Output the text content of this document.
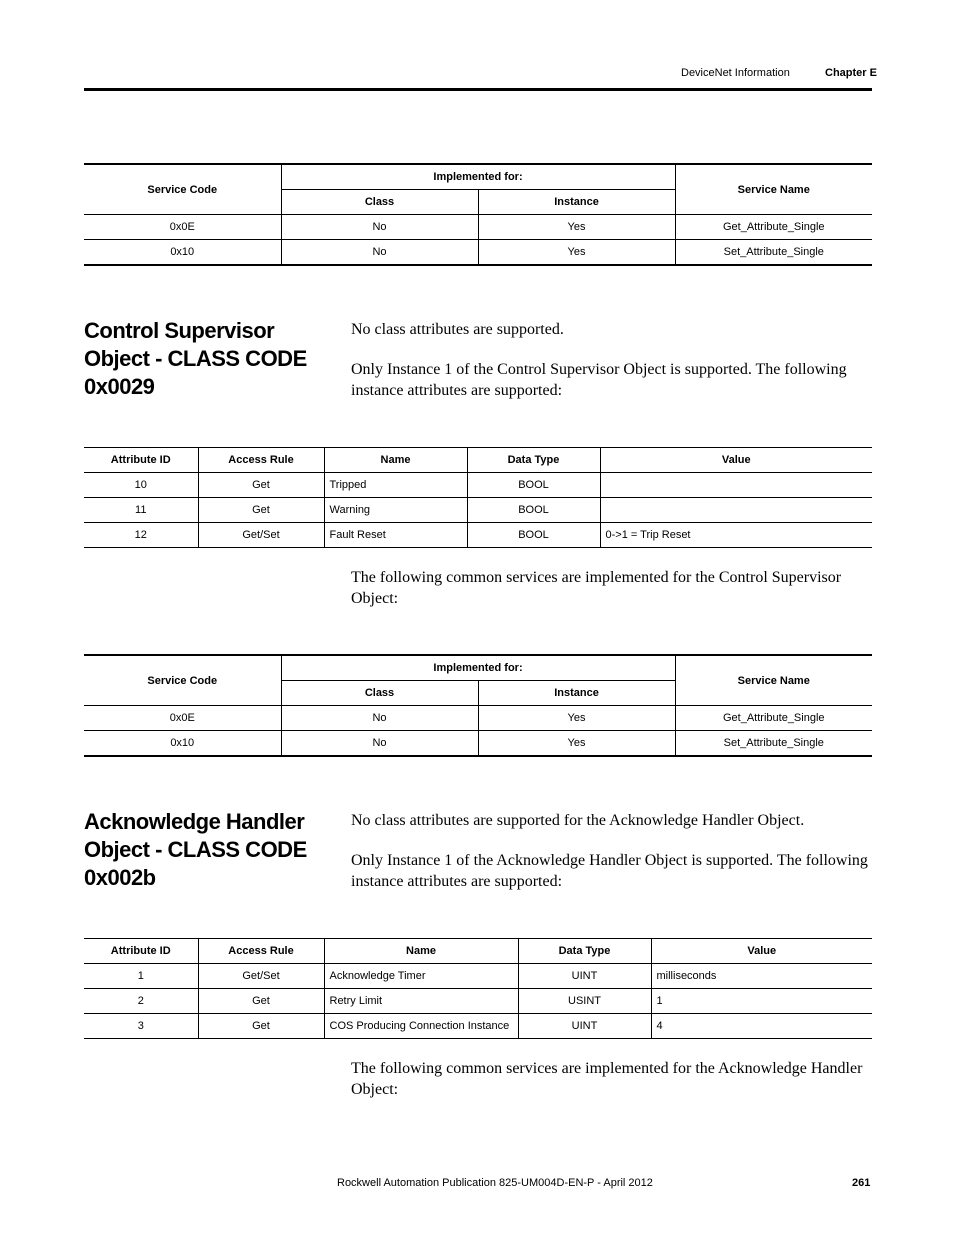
DeviceNet Information	Chapter E
Service Code	Implemented for:		Service Name
	Class	Instance	
0x0E	No	Yes	Get_Attribute_Single
0x10	No	Yes	Set_Attribute_Single
Control Supervisor Object - CLASS CODE 0x0029

No class attributes are supported.

Only Instance 1 of the Control Supervisor Object is supported. The following instance attributes are supported:

Attribute ID	Access Rule	Name	Data Type	Value
10	Get	Tripped	BOOL	
11	Get	Warning	BOOL	
12	Get/Set	Fault Reset	BOOL	0->1 = Trip Reset

The following common services are implemented for the Control Supervisor Object:

Service Code	Implemented for:		Service Name
	Class	Instance	
0x0E	No	Yes	Get_Attribute_Single
0x10	No	Yes	Set_Attribute_Single
Acknowledge Handler Object - CLASS CODE 0x002b

No class attributes are supported for the Acknowledge Handler Object.

Only Instance 1 of the Acknowledge Handler Object is supported. The following instance attributes are supported:

Attribute ID	Access Rule	Name	Data Type	Value
1	Get/Set	Acknowledge Timer	UINT	milliseconds
2	Get	Retry Limit	USINT	1
3	Get	COS Producing Connection Instance	UINT	4

The following common services are implemented for the Acknowledge Handler Object:

Rockwell Automation Publication 825-UM004D-EN-P - April 2012	261
